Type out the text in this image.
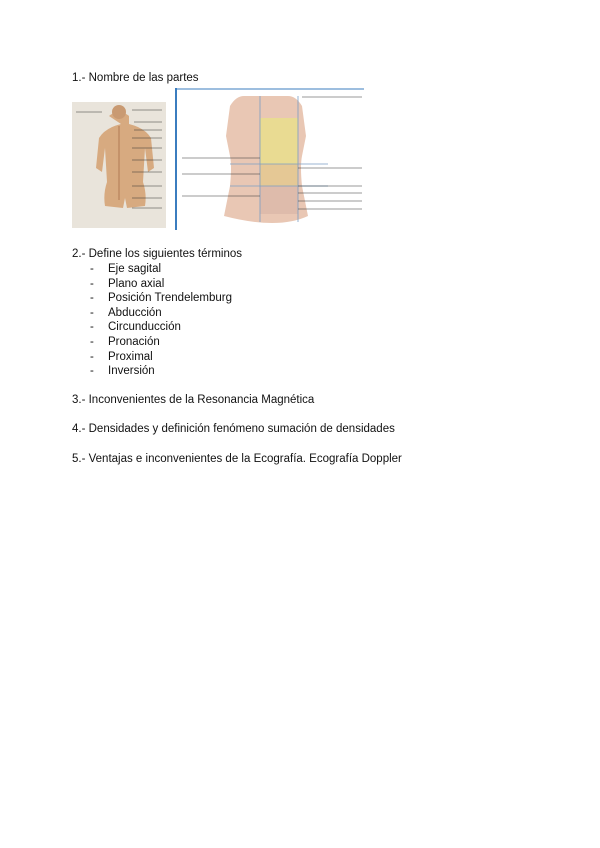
1.- Nombre de las partes
2.- Define los siguientes términos
- Eje sagital
- Plano axial
- Posición Trendelemburg
- Abducción
- Circunducción
- Pronación
- Proximal
- Inversión
3.- Inconvenientes de la Resonancia Magnética
4.- Densidades y definición fenómeno sumación de densidades
5.- Ventajas e inconvenientes de la Ecografía. Ecografía Doppler
